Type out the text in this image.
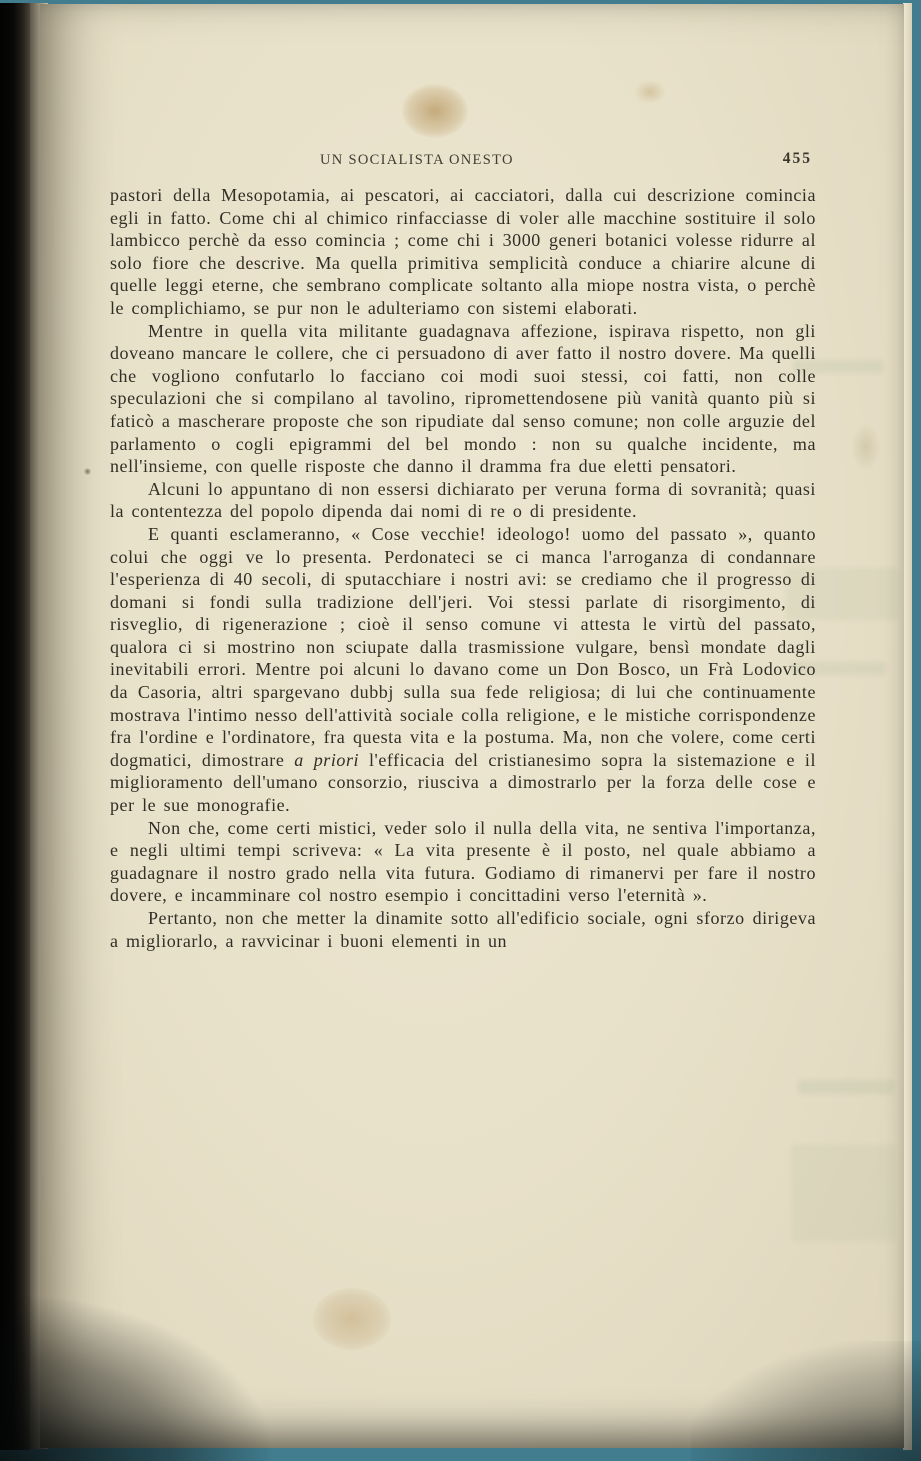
UN SOCIALISTA ONESTO	455

pastori della Mesopotamia, ai pescatori, ai cacciatori, dalla cui descrizione comincia egli in fatto. Come chi al chimico rinfacciasse di voler alle macchine sostituire il solo lambicco perchè da esso comincia ; come chi i 3000 generi botanici volesse ridurre al solo fiore che descrive. Ma quella primitiva semplicità conduce a chiarire alcune di quelle leggi eterne, che sembrano complicate soltanto alla miope nostra vista, o perchè le complichiamo, se pur non le adulteriamo con sistemi elaborati.

Mentre in quella vita militante guadagnava affezione, ispirava rispetto, non gli doveano mancare le collere, che ci persuadono di aver fatto il nostro dovere. Ma quelli che vogliono confutarlo lo facciano coi modi suoi stessi, coi fatti, non colle speculazioni che si compilano al tavolino, ripromettendosene più vanità quanto più si faticò a mascherare proposte che son ripudiate dal senso comune; non colle arguzie del parlamento o cogli epigrammi del bel mondo : non su qualche incidente, ma nell'insieme, con quelle risposte che danno il dramma fra due eletti pensatori.

Alcuni lo appuntano di non essersi dichiarato per veruna forma di sovranità; quasi la contentezza del popolo dipenda dai nomi di re o di presidente.

E quanti esclameranno, « Cose vecchie! ideologo! uomo del passato », quanto colui che oggi ve lo presenta. Perdonateci se ci manca l'arroganza di condannare l'esperienza di 40 secoli, di sputacchiare i nostri avi: se crediamo che il progresso di domani si fondi sulla tradizione dell'jeri. Voi stessi parlate di risorgimento, di risveglio, di rigenerazione ; cioè il senso comune vi attesta le virtù del passato, qualora ci si mostrino non sciupate dalla trasmissione vulgare, bensì mondate dagli inevitabili errori. Mentre poi alcuni lo davano come un Don Bosco, un Frà Lodovico da Casoria, altri spargevano dubbj sulla sua fede religiosa; di lui che continuamente mostrava l'intimo nesso dell'attività sociale colla religione, e le mistiche corrispondenze fra l'ordine e l'ordinatore, fra questa vita e la postuma. Ma, non che volere, come certi dogmatici, dimostrare a priori l'efficacia del cristianesimo sopra la sistemazione e il miglioramento dell'umano consorzio, riusciva a dimostrarlo per la forza delle cose e per le sue monografie.

Non che, come certi mistici, veder solo il nulla della vita, ne sentiva l'importanza, e negli ultimi tempi scriveva: « La vita presente è il posto, nel quale abbiamo a guadagnare il nostro grado nella vita futura. Godiamo di rimanervi per fare il nostro dovere, e incamminare col nostro esempio i concittadini verso l'eternità ».

Pertanto, non che metter la dinamite sotto all'edificio sociale, ogni sforzo dirigeva a migliorarlo, a ravvicinar i buoni elementi in un
